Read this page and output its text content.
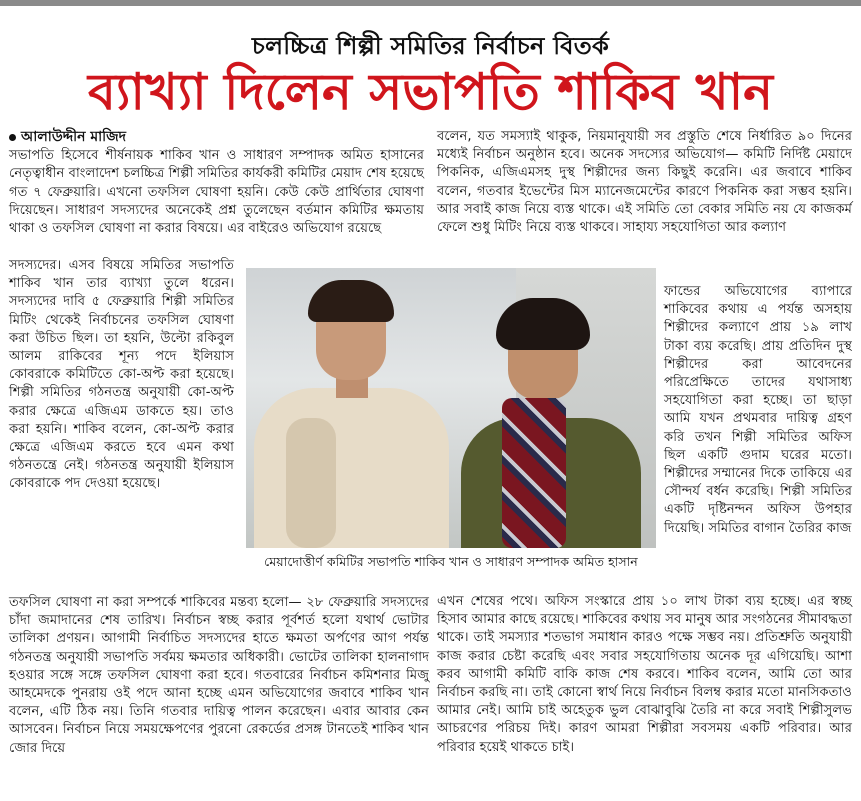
চলচ্চিত্র শিল্পী সমিতির নির্বাচন বিতর্ক
ব্যাখ্যা দিলেন সভাপতি শাকিব খান
আলাউদ্দীন মাজিদ

সভাপতি হিসেবে শীর্ষনায়ক শাকিব খান ও সাধারণ সম্পাদক অমিত হাসানের নেতৃত্বাধীন বাংলাদেশ চলচ্চিত্র শিল্পী সমিতির কার্যকরী কমিটির মেয়াদ শেষ হয়েছে গত ৭ ফেব্রুয়ারি। এখনো তফসিল ঘোষণা হয়নি। কেউ কেউ প্রার্থিতার ঘোষণা দিয়েছেন। সাধারণ সদস্যদের অনেকেই প্রশ্ন তুলেছেন বর্তমান কমিটির ক্ষমতায় থাকা ও তফসিল ঘোষণা না করার বিষয়ে। এর বাইরেও অভিযোগ রয়েছে

সদস্যদের। এসব বিষয়ে সমিতির সভাপতি শাকিব খান তার ব্যাখ্যা তুলে ধরেন। সদস্যদের দাবি ৫ ফেব্রুয়ারি শিল্পী সমিতির মিটিং থেকেই নির্বাচনের তফসিল ঘোষণা করা উচিত ছিল। তা হয়নি, উল্টো রকিবুল আলম রাকিবের শূন্য পদে ইলিয়াস কোবরাকে কমিটিতে কো-অপ্ট করা হয়েছে। শিল্পী সমিতির গঠনতন্ত্র অনুযায়ী কো-অপ্ট করার ক্ষেত্রে এজিএম ডাকতে হয়। তাও করা হয়নি। শাকিব বলেন, কো-অপ্ট করার ক্ষেত্রে এজিএম করতে হবে এমন কথা গঠনতন্ত্রে নেই। গঠনতন্ত্র অনুযায়ী ইলিয়াস কোবরাকে পদ দেওয়া হয়েছে।

তফসিল ঘোষণা না করা সম্পর্কে শাকিবের মন্তব্য হলো— ২৮ ফেব্রুয়ারি সদস্যদের চাঁদা জমাদানের শেষ তারিখ। নির্বাচন স্বচ্ছ করার পূর্বশর্ত হলো যথার্থ ভোটার তালিকা প্রণয়ন। আগামী নির্বাচিত সদস্যদের হাতে ক্ষমতা অর্পণের আগ পর্যন্ত গঠনতন্ত্র অনুযায়ী সভাপতি সর্বময় ক্ষমতার অধিকারী। ভোটের তালিকা হালনাগাদ হওয়ার সঙ্গে সঙ্গে তফসিল ঘোষণা করা হবে। গতবারের নির্বাচন কমিশনার মিজু আহমেদকে পুনরায় ওই পদে আনা হচ্ছে এমন অভিযোগের জবাবে শাকিব খান বলেন, এটি ঠিক নয়। তিনি গতবার দায়িত্ব পালন করেছেন। এবার আবার কেন আসবেন। নির্বাচন নিয়ে সময়ক্ষেপণের পুরনো রেকর্ডের প্রসঙ্গ টানতেই শাকিব খান জোর দিয়ে

বলেন, যত সমস্যাই থাকুক, নিয়মানুযায়ী সব প্রস্তুতি শেষে নির্ধারিত ৯০ দিনের মধ্যেই নির্বাচন অনুষ্ঠান হবে। অনেক সদস্যের অভিযোগ— কমিটি নির্দিষ্ট মেয়াদে পিকনিক, এজিএমসহ দুস্থ শিল্পীদের জন্য কিছুই করেনি। এর জবাবে শাকিব বলেন, গতবার ইভেন্টের মিস ম্যানেজমেন্টের কারণে পিকনিক করা সম্ভব হয়নি। আর সবাই কাজ নিয়ে ব্যস্ত থাকে। এই সমিতি তো বেকার সমিতি নয় যে কাজকর্ম ফেলে শুধু মিটিং নিয়ে ব্যস্ত থাকবে। সাহায্য সহযোগিতা আর কল্যাণ

ফান্ডের অভিযোগের ব্যাপারে শাকিবের কথায় এ পর্যন্ত অসহায় শিল্পীদের কল্যাণে প্রায় ১৯ লাখ টাকা ব্যয় করেছি। প্রায় প্রতিদিন দুস্থ শিল্পীদের করা আবেদনের পরিপ্রেক্ষিতে তাদের যথাসাধ্য সহযোগিতা করা হচ্ছে। তা ছাড়া আমি যখন প্রথমবার দায়িত্ব গ্রহণ করি তখন শিল্পী সমিতির অফিস ছিল একটি গুদাম ঘরের মতো। শিল্পীদের সম্মানের দিকে তাকিয়ে এর সৌন্দর্য বর্ধন করেছি। শিল্পী সমিতির একটি দৃষ্টিনন্দন অফিস উপহার দিয়েছি। সমিতির বাগান তৈরির কাজ

এখন শেষের পথে। অফিস সংস্কারে প্রায় ১০ লাখ টাকা ব্যয় হচ্ছে। এর স্বচ্ছ হিসাব আমার কাছে রয়েছে। শাকিবের কথায় সব মানুষ আর সংগঠনের সীমাবদ্ধতা থাকে। তাই সমস্যার শতভাগ সমাধান কারও পক্ষে সম্ভব নয়। প্রতিশ্রুতি অনুযায়ী কাজ করার চেষ্টা করেছি এবং সবার সহযোগিতায় অনেক দূর এগিয়েছি। আশা করব আগামী কমিটি বাকি কাজ শেষ করবে। শাকিব বলেন, আমি তো আর নির্বাচন করছি না। তাই কোনো স্বার্থ নিয়ে নির্বাচন বিলম্ব করার মতো মানসিকতাও আমার নেই। আমি চাই অহেতুক ভুল বোঝাবুঝি তৈরি না করে সবাই শিল্পীসুলভ আচরণের পরিচয় দিই। কারণ আমরা শিল্পীরা সবসময় একটি পরিবার। আর পরিবার হয়েই থাকতে চাই।

মেয়াদোত্তীর্ণ কমিটির সভাপতি শাকিব খান ও সাধারণ সম্পাদক অমিত হাসান
